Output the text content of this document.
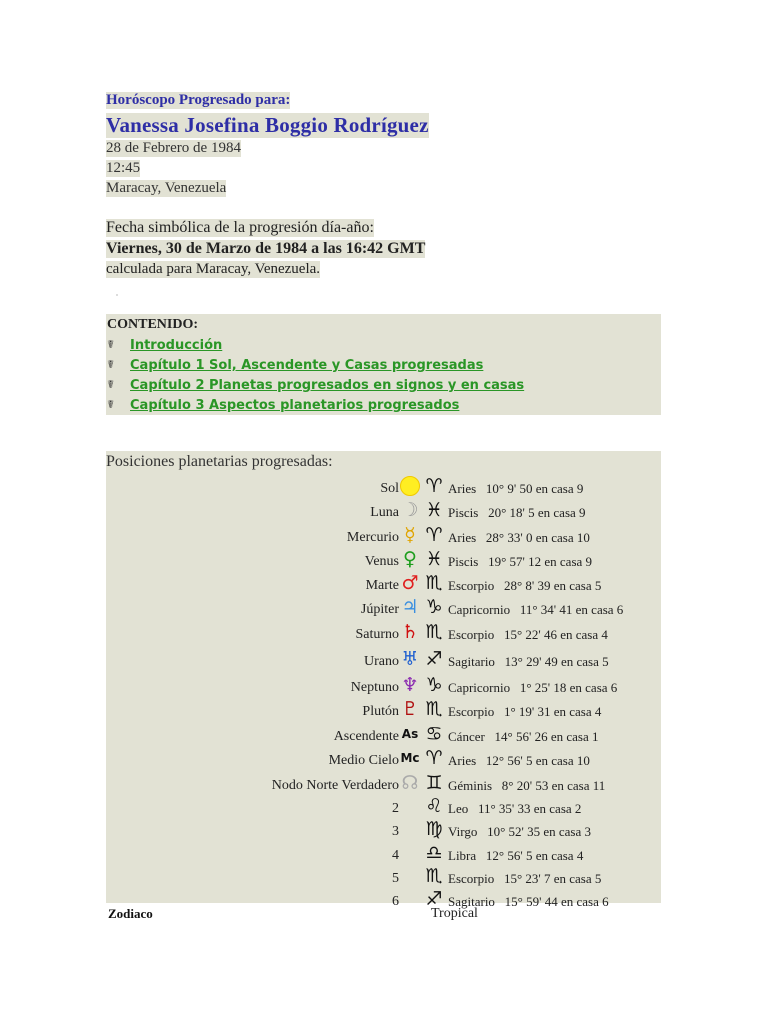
Horóscopo Progresado para:
Vanessa Josefina Boggio Rodríguez
28 de Febrero de 1984
12:45
Maracay, Venezuela
Fecha simbólica de la progresión día-año:
Viernes, 30 de Marzo de 1984 a las 16:42 GMT
calculada para Maracay, Venezuela.
CONTENIDO:
☤ Introducción
☤ Capítulo 1 Sol, Ascendente y Casas progresadas
☤ Capítulo 2 Planetas progresados en signos y en casas
☤ Capítulo 3 Aspectos planetarios progresados
Posiciones planetarias progresadas:
Sol ♈ Aries   10° 9' 50 en casa 9
Luna ☽ ♓ Piscis   20° 18' 5 en casa 9
Mercurio ☿ ♈ Aries   28° 33' 0 en casa 10
Venus ♀ ♓ Piscis   19° 57' 12 en casa 9
Marte ♂ ♏ Escorpio   28° 8' 39 en casa 5
Júpiter ♃ ♑ Capricornio   11° 34' 41 en casa 6
Saturno ♄ ♏ Escorpio   15° 22' 46 en casa 4
Urano ♅ ♐ Sagitario   13° 29' 49 en casa 5
Neptuno ♆ ♑ Capricornio   1° 25' 18 en casa 6
Plutón ♇ ♏ Escorpio   1° 19' 31 en casa 4
Ascendente As ♋ Cáncer   14° 56' 26 en casa 1
Medio Cielo Mc ♈ Aries   12° 56' 5 en casa 10
Nodo Norte Verdadero ☊ ♊ Géminis   8° 20' 53 en casa 11
2 ♌ Leo   11° 35' 33 en casa 2
3 ♍ Virgo   10° 52' 35 en casa 3
4 ♎ Libra   12° 56' 5 en casa 4
5 ♏ Escorpio   15° 23' 7 en casa 5
6 ♐ Sagitario   15° 59' 44 en casa 6
Zodiaco	Tropical
